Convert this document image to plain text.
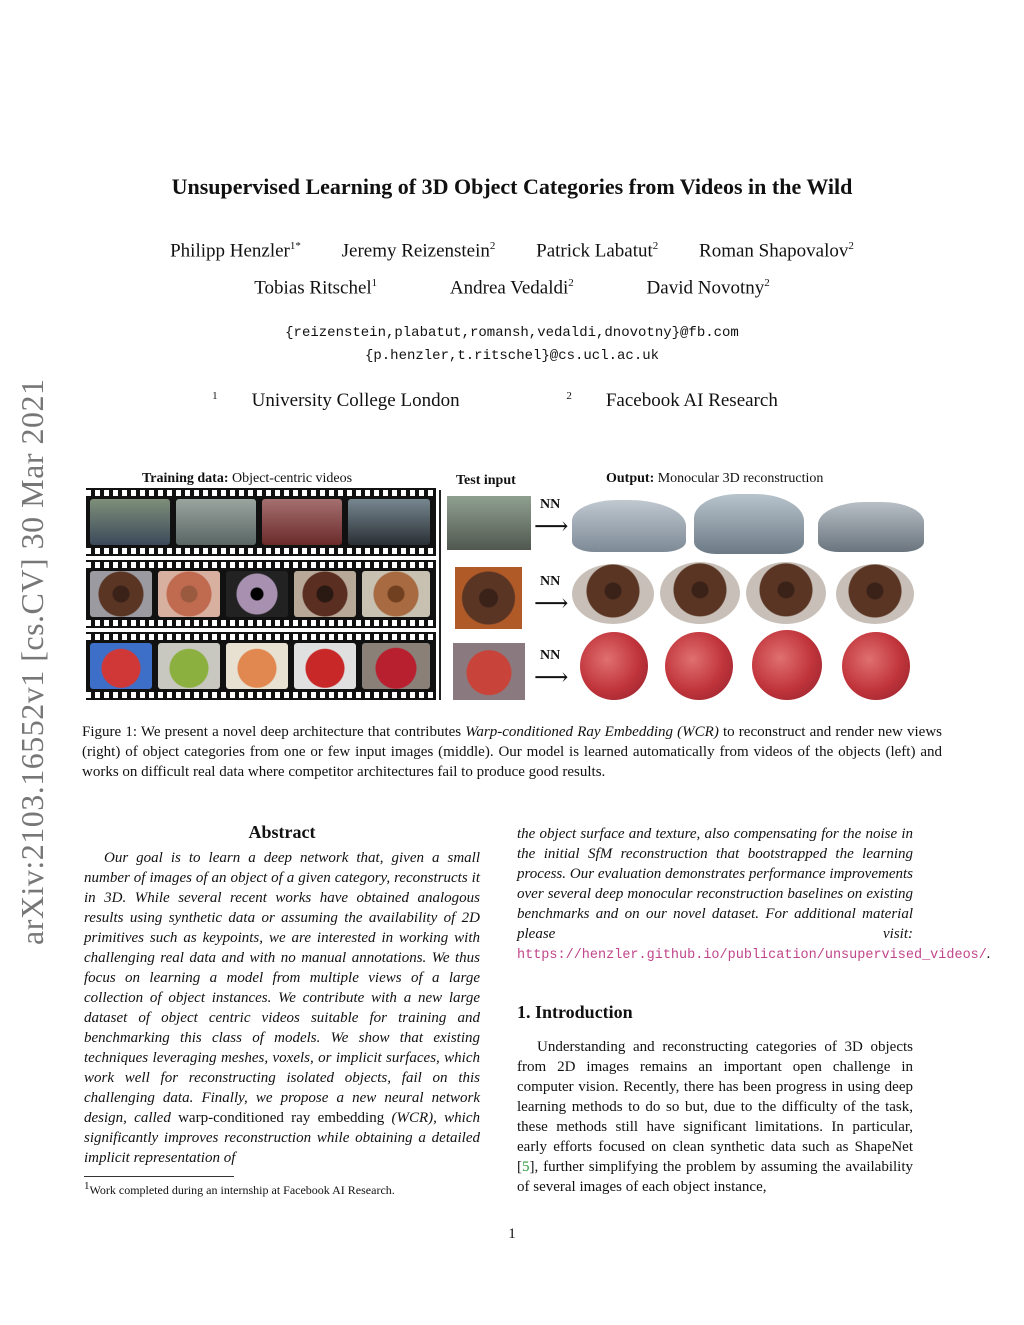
arXiv:2103.16552v1 [cs.CV] 30 Mar 2021
Unsupervised Learning of 3D Object Categories from Videos in the Wild
Philipp Henzler$^{1*}$ Jeremy Reizenstein$^2$ Patrick Labatut$^2$ Roman Shapovalov$^2$
Tobias Ritschel$^1$	Andrea Vedaldi$^2$	David Novotny$^2$
{reizenstein,plabatut,romansh,vedaldi,dnovotny}@fb.com
{p.henzler,t.ritschel}@cs.ucl.ac.uk
$^1$ University College London	$^2$ Facebook AI Research
Training data: Object-centric videos	Test input	Output: Monocular 3D reconstruction
NN
⟶
NN
⟶
NN
⟶
Figure 1: We present a novel deep architecture that contributes Warp-conditioned Ray Embedding (WCR) to reconstruct and render new views (right) of object categories from one or few input images (middle). Our model is learned automatically from videos of the objects (left) and works on difficult real data where competitor architectures fail to produce good results.
Abstract
Our goal is to learn a deep network that, given a small number of images of an object of a given category, reconstructs it in 3D. While several recent works have obtained analogous results using synthetic data or assuming the availability of 2D primitives such as keypoints, we are interested in working with challenging real data and with no manual annotations. We thus focus on learning a model from multiple views of a large collection of object instances. We contribute with a new large dataset of object centric videos suitable for training and benchmarking this class of models. We show that existing techniques leveraging meshes, voxels, or implicit surfaces, which work well for reconstructing isolated objects, fail on this challenging data. Finally, we propose a new neural network design, called warp-conditioned ray embedding (WCR), which significantly improves reconstruction while obtaining a detailed implicit representation of
$^1$Work completed during an internship at Facebook AI Research.
the object surface and texture, also compensating for the noise in the initial SfM reconstruction that bootstrapped the learning process. Our evaluation demonstrates performance improvements over several deep monocular reconstruction baselines on existing benchmarks and on our novel dataset. For additional material please visit: https://henzler.github.io/publication/unsupervised_videos/.
1. Introduction
Understanding and reconstructing categories of 3D objects from 2D images remains an important open challenge in computer vision. Recently, there has been progress in using deep learning methods to do so but, due to the difficulty of the task, these methods still have significant limitations. In particular, early efforts focused on clean synthetic data such as ShapeNet [5], further simplifying the problem by assuming the availability of several images of each object instance,
1
